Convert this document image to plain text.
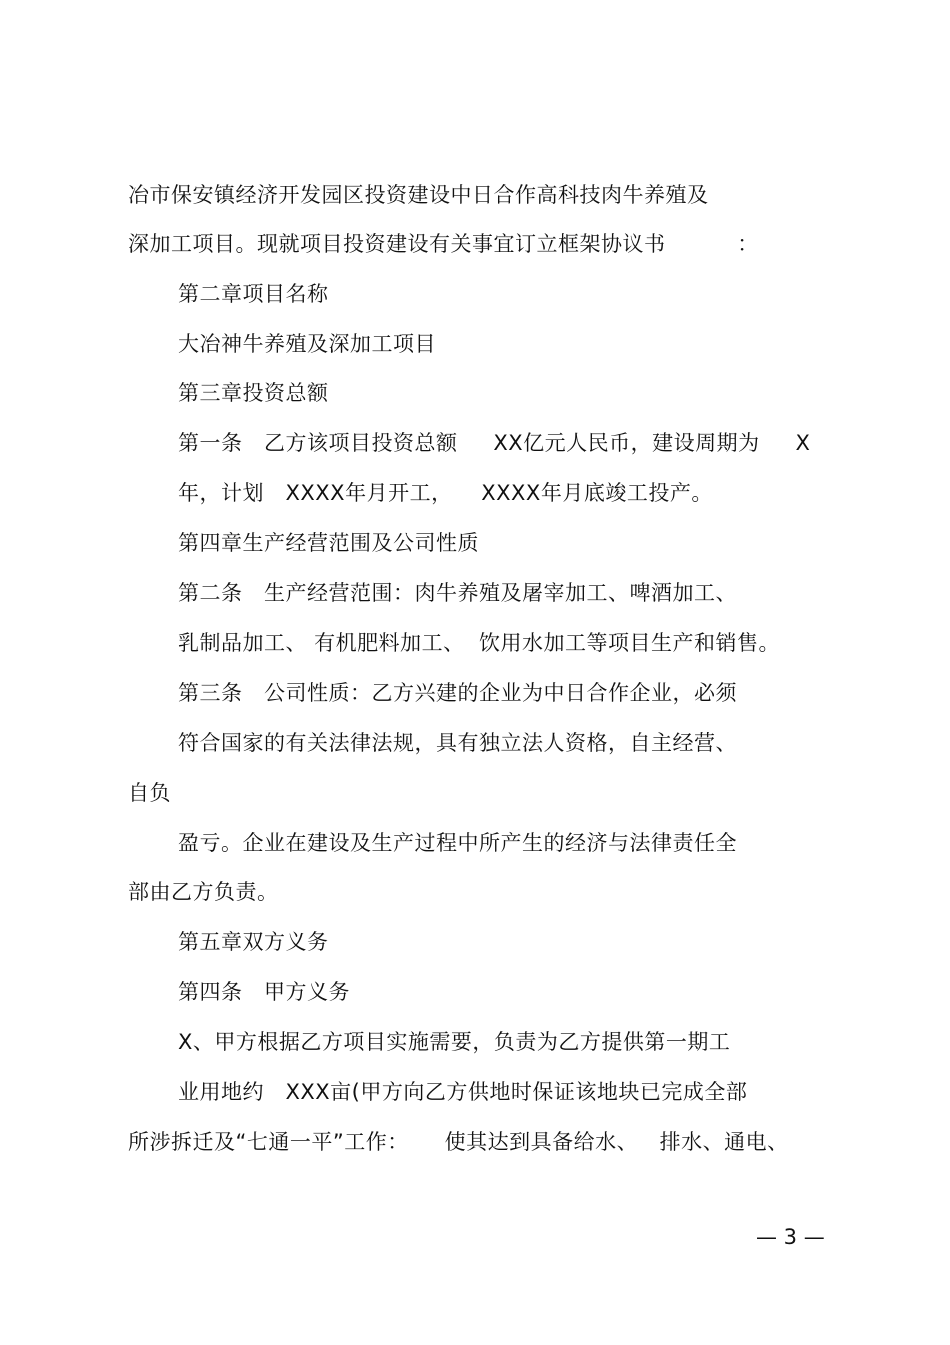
冶市保安镇经济开发园区投资建设中日合作高科技肉牛养殖及

深加工项目。现就项目投资建设有关事宜订立框架协议书          ：

第二章项目名称

大冶神牛养殖及深加工项目

第三章投资总额

第一条   乙方该项目投资总额     XX亿元人民币，建设周期为     X

年，计划   XXXX年月开工，    XXXX年月底竣工投产。

第四章生产经营范围及公司性质

第二条   生产经营范围：肉牛养殖及屠宰加工、啤酒加工、

乳制品加工、 有机肥料加工、  饮用水加工等项目生产和销售。

第三条   公司性质：乙方兴建的企业为中日合作企业，必须

符合国家的有关法律法规，具有独立法人资格，自主经营、

自负

盈亏。企业在建设及生产过程中所产生的经济与法律责任全

部由乙方负责。

第五章双方义务

第四条   甲方义务

X、甲方根据乙方项目实施需要，负责为乙方提供第一期工

业用地约   XXX亩(甲方向乙方供地时保证该地块已完成全部

所涉拆迁及“七通一平”工作：     使其达到具备给水、   排水、通电、

— 3 —
